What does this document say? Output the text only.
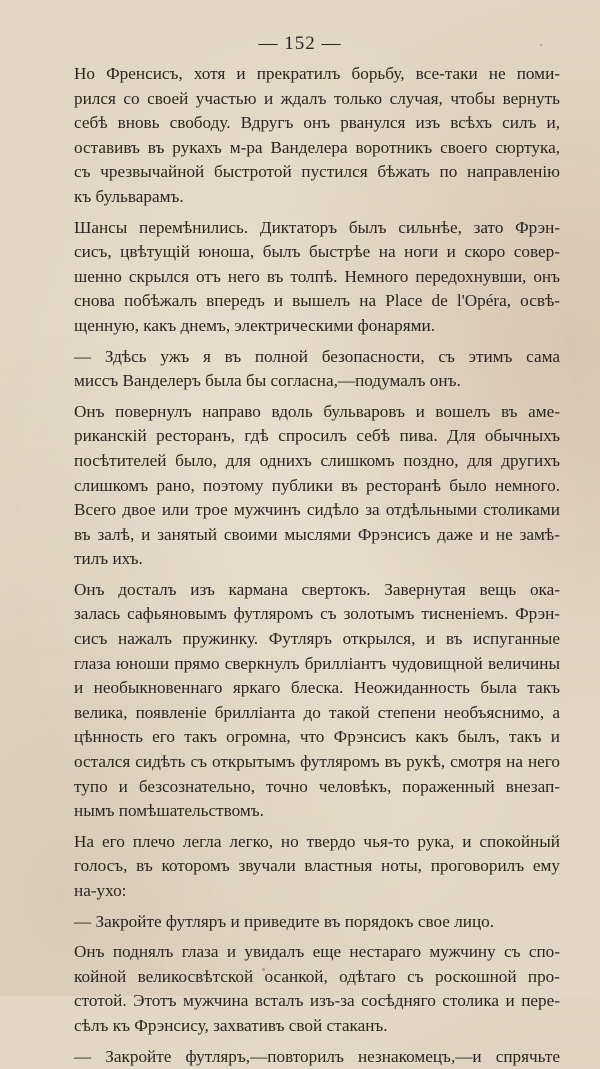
— 152 —
Но Френсисъ, хотя и прекратилъ борьбу, все-таки не поми-
рился со своей участью и ждалъ только случая, чтобы вернуть
себѣ вновь свободу. Вдругъ онъ рванулся изъ всѣхъ силъ и,
оставивъ въ рукахъ м-ра Ванделера воротникъ своего сюртука,
съ чрезвычайной быстротой пустился бѣжать по направленію
къ бульварамъ.
Шансы перемѣнились. Диктаторъ былъ сильнѣе, зато Фрэн-
сисъ, цвѣтущій юноша, былъ быстрѣе на ноги и скоро совер-
шенно скрылся отъ него въ толпѣ. Немного передохнувши, онъ
снова побѣжалъ впередъ и вышелъ на Place de l'Opéra, освѣ-
щенную, какъ днемъ, электрическими фонарями.
— Здѣсь ужъ я въ полной безопасности, съ этимъ сама
миссъ Ванделеръ была бы согласна,—подумалъ онъ.
Онъ повернулъ направо вдоль бульваровъ и вошелъ въ аме-
риканскій ресторанъ, гдѣ спросилъ себѣ пива. Для обычныхъ
посѣтителей было, для однихъ слишкомъ поздно, для другихъ
слишкомъ рано, поэтому публики въ ресторанѣ было немного.
Всего двое или трое мужчинъ сидѣло за отдѣльными столиками
въ залѣ, и занятый своими мыслями Фрэнсисъ даже и не замѣ-
тилъ ихъ.
Онъ досталъ изъ кармана свертокъ. Завернутая вещь ока-
залась сафьяновымъ футляромъ съ золотымъ тисненіемъ. Фрэн-
сисъ нажалъ пружинку. Футляръ открылся, и въ испуганные
глаза юноши прямо сверкнулъ брилліантъ чудовищной величины
и необыкновеннаго яркаго блеска. Неожиданность была такъ
велика, появленіе брилліанта до такой степени необъяснимо, а
цѣнность его такъ огромна, что Фрэнсисъ какъ былъ, такъ и
остался сидѣть съ открытымъ футляромъ въ рукѣ, смотря на него
тупо и безсознательно, точно человѣкъ, пораженный внезап-
нымъ помѣшательствомъ.
На его плечо легла легко, но твердо чья-то рука, и спокойный
голосъ, въ которомъ звучали властныя ноты, проговорилъ ему
на-ухо:
— Закройте футляръ и приведите въ порядокъ свое лицо.
Онъ поднялъ глаза и увидалъ еще нестараго мужчину съ спо-
койной великосвѣтской осанкой, одѣтаго съ роскошной про-
стотой. Этотъ мужчина всталъ изъ-за сосѣдняго столика и пере-
сѣлъ къ Фрэнсису, захвативъ свой стаканъ.
— Закройте футляръ,—повторилъ незнакомецъ,—и спрячьте
